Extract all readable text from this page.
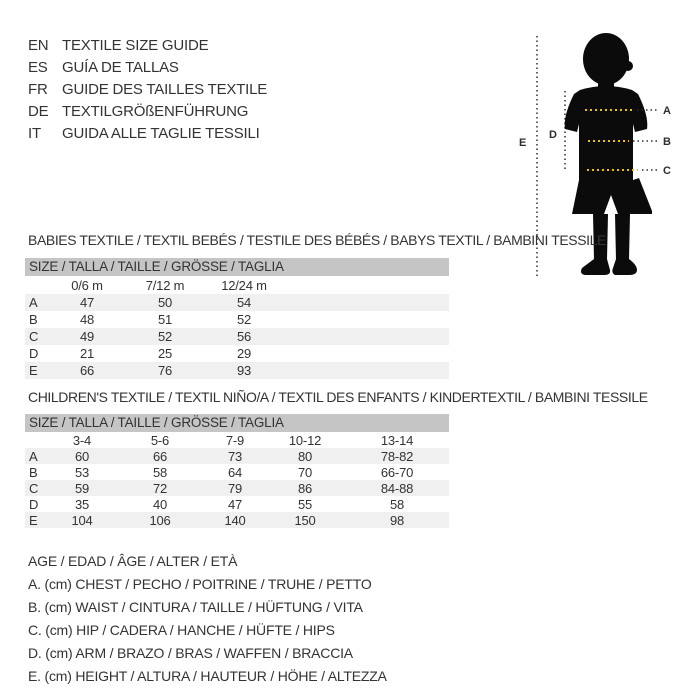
EN TEXTILE SIZE GUIDE
ES GUÍA DE TALLAS
FR GUIDE DES TAILLES TEXTILE
DE TEXTILGRÖßENFÜHRUNG
IT	GUIDA ALLE TAGLIE TESSILI
E
D
A
B
C
BABIES TEXTILE / TEXTIL BEBÉS / TESTILE DES BÉBÉS / BABYS TEXTIL / BAMBINI TESSILE
SIZE / TALLA / TAILLE / GRÖSSE / TAGLIA
0/6 m	7/12 m	12/24 m
A	47	50	54
B	48	51	52
C	49	52	56
D	21	25	29
E	66	76	93
CHILDREN'S TEXTILE / TEXTIL NIÑO/A / TEXTIL DES ENFANTS / KINDERTEXTIL / BAMBINI TESSILE
SIZE / TALLA / TAILLE / GRÖSSE / TAGLIA
3-4	5-6	7-9	10-12	13-14
A	60	66	73	80	78-82
B	53	58	64	70	66-70
C	59	72	79	86	84-88
D	35	40	47	55	58
E	104	106	140	150	98
AGE / EDAD / ÂGE / ALTER / ETÀ
A. (cm) CHEST / PECHO / POITRINE / TRUHE / PETTO
B. (cm) WAIST / CINTURA / TAILLE / HÜFTUNG / VITA
C. (cm) HIP / CADERA / HANCHE / HÜFTE / HIPS
D. (cm) ARM / BRAZO / BRAS / WAFFEN / BRACCIA
E. (cm) HEIGHT / ALTURA / HAUTEUR / HÖHE / ALTEZZA
